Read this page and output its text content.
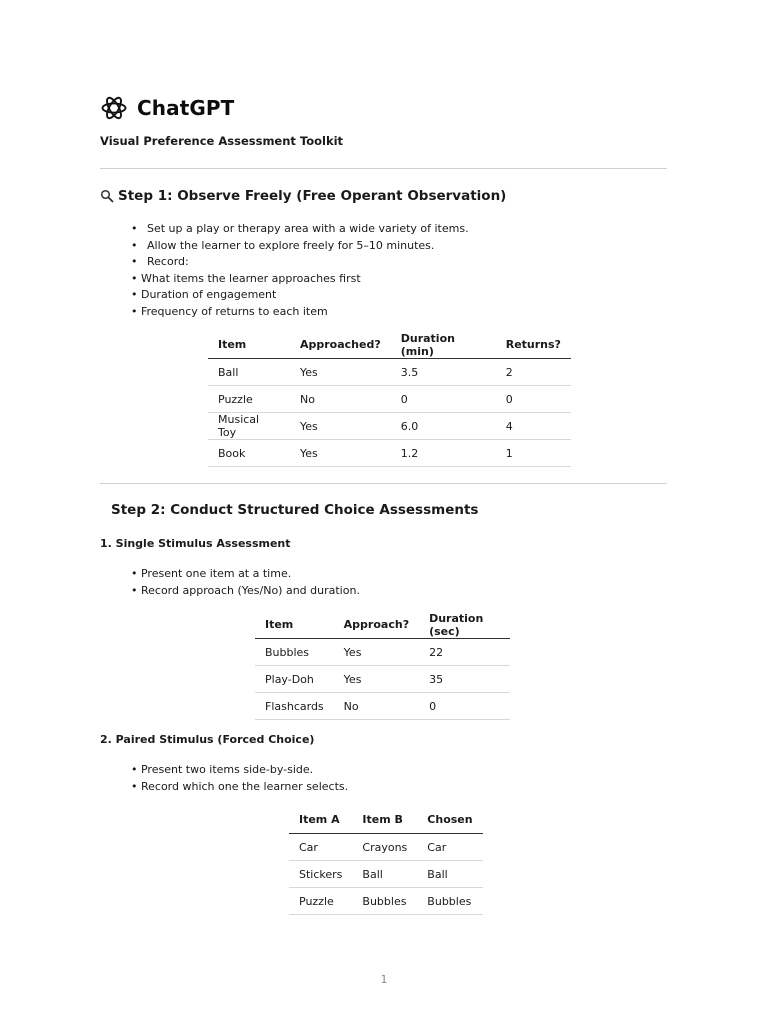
ChatGPT
Visual Preference Assessment Toolkit
Step 1: Observe Freely (Free Operant Observation)
• Set up a play or therapy area with a wide variety of items.
• Allow the learner to explore freely for 5–10 minutes.
• Record:
• What items the learner approaches first
• Duration of engagement
• Frequency of returns to each item
Item	Approached?	Duration (min)	Returns?
Ball	Yes	3.5	2
Puzzle	No	0	0
Musical Toy	Yes	6.0	4
Book	Yes	1.2	1
Step 2: Conduct Structured Choice Assessments
1. Single Stimulus Assessment
• Present one item at a time.
• Record approach (Yes/No) and duration.
Item	Approach?	Duration (sec)
Bubbles	Yes	22
Play-Doh	Yes	35
Flashcards	No	0
2. Paired Stimulus (Forced Choice)
• Present two items side-by-side.
• Record which one the learner selects.
Item A	Item B	Chosen
Car	Crayons	Car
Stickers	Ball	Ball
Puzzle	Bubbles	Bubbles
1
